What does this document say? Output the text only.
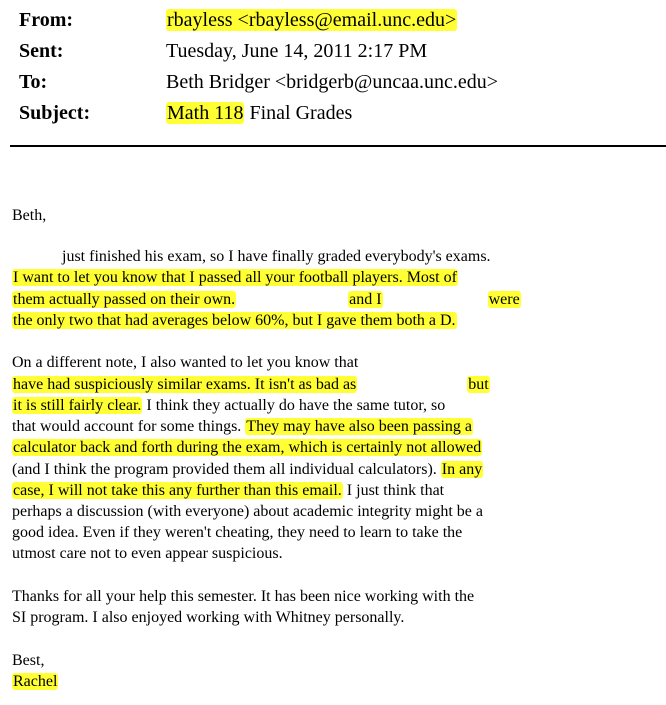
From:	rbayless <rbayless@email.unc.edu>
Sent:	Tuesday, June 14, 2011 2:17 PM
To:	Beth Bridger <bridgerb@uncaa.unc.edu>
Subject:	Math 118 Final Grades
Beth,
just finished his exam, so I have finally graded everybody's exams.
I want to let you know that I passed all your football players. Most of
them actually passed on their own.	and I	were
the only two that had averages below 60%, but I gave them both a D.
On a different note, I also wanted to let you know that
have had suspiciously similar exams. It isn't as bad as	but
it is still fairly clear. I think they actually do have the same tutor, so
that would account for some things. They may have also been passing a
calculator back and forth during the exam, which is certainly not allowed
(and I think the program provided them all individual calculators). In any
case, I will not take this any further than this email. I just think that
perhaps a discussion (with everyone) about academic integrity might be a
good idea. Even if they weren't cheating, they need to learn to take the
utmost care not to even appear suspicious.
Thanks for all your help this semester. It has been nice working with the
SI program. I also enjoyed working with Whitney personally.
Best,
Rachel
